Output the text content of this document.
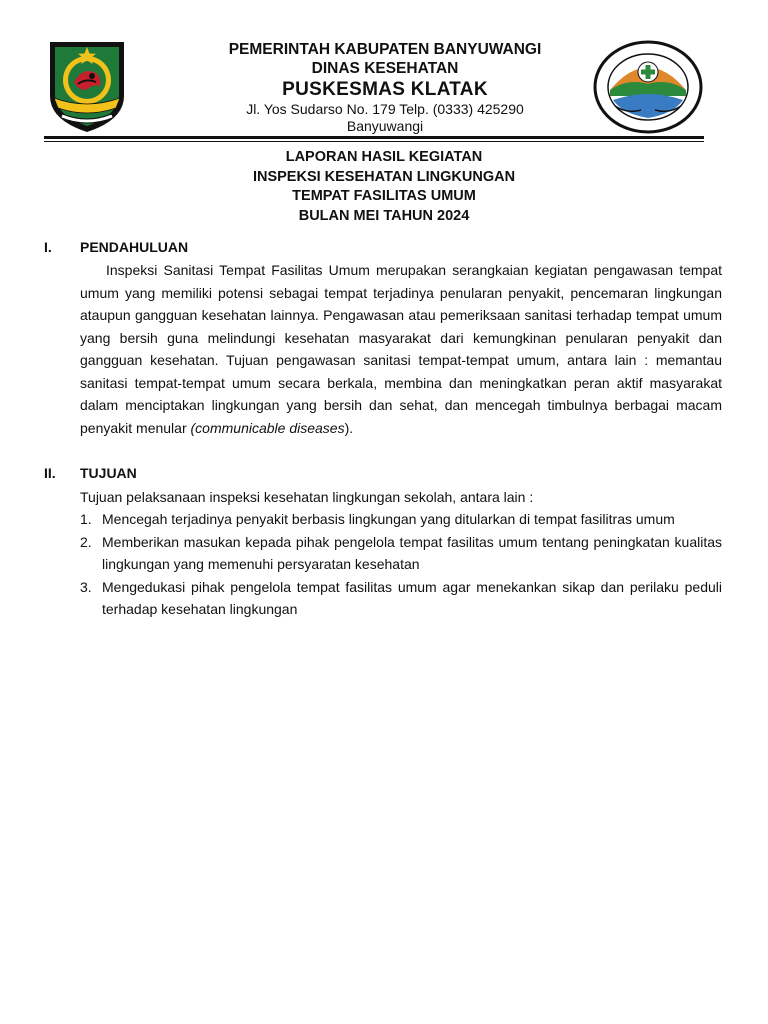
PEMERINTAH KABUPATEN BANYUWANGI
DINAS KESEHATAN
PUSKESMAS KLATAK
Jl. Yos Sudarso No. 179 Telp. (0333) 425290
Banyuwangi
LAPORAN HASIL KEGIATAN
INSPEKSI KESEHATAN LINGKUNGAN
TEMPAT FASILITAS UMUM
BULAN MEI TAHUN 2024
I. PENDAHULUAN
Inspeksi Sanitasi Tempat Fasilitas Umum merupakan serangkaian kegiatan pengawasan tempat umum yang memiliki potensi sebagai tempat terjadinya penularan penyakit, pencemaran lingkungan ataupun gangguan kesehatan lainnya. Pengawasan atau pemeriksaan sanitasi terhadap tempat umum yang bersih guna melindungi kesehatan masyarakat dari kemungkinan penularan penyakit dan gangguan kesehatan. Tujuan pengawasan sanitasi tempat-tempat umum, antara lain : memantau sanitasi tempat-tempat umum secara berkala, membina dan meningkatkan peran aktif masyarakat dalam menciptakan lingkungan yang bersih dan sehat, dan mencegah timbulnya berbagai macam penyakit menular (communicable diseases).
II. TUJUAN
Tujuan pelaksanaan inspeksi kesehatan lingkungan sekolah, antara lain :
1. Mencegah terjadinya penyakit berbasis lingkungan yang ditularkan di tempat fasilitras umum
2. Memberikan masukan kepada pihak pengelola tempat fasilitas umum tentang peningkatan kualitas lingkungan yang memenuhi persyaratan kesehatan
3. Mengedukasi pihak pengelola tempat fasilitas umum agar menekankan sikap dan perilaku peduli terhadap kesehatan lingkungan
